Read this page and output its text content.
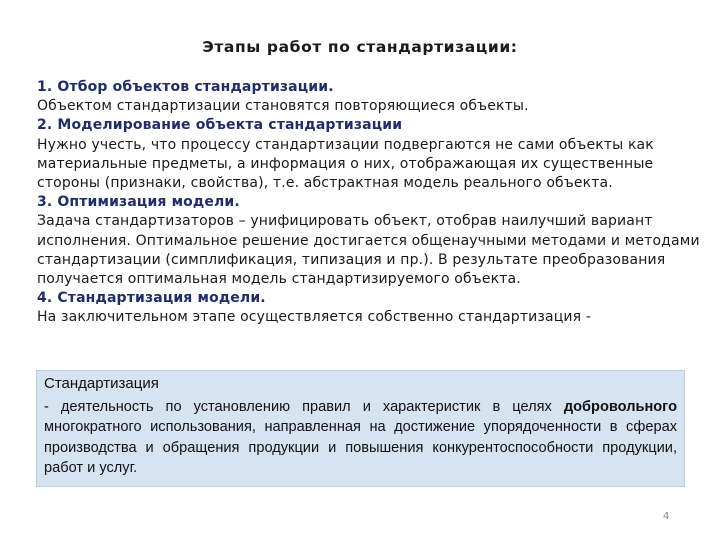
Этапы работ по стандартизации:
1. Отбор объектов стандартизации.
Объектом стандартизации становятся повторяющиеся объекты.
2. Моделирование объекта стандартизации
Нужно учесть, что процессу стандартизации подвергаются не сами объекты как материальные предметы, а информация о них, отображающая их существенные стороны (признаки, свойства), т.е. абстрактная модель реального объекта.
3. Оптимизация модели.
Задача стандартизаторов – унифицировать объект, отобрав наилучший вариант исполнения. Оптимальное решение достигается общенаучными методами и методами стандартизации (симплификация, типизация и пр.). В результате преобразования получается оптимальная модель стандартизируемого объекта.
4. Стандартизация модели.
На заключительном этапе осуществляется собственно стандартизация -
Стандартизация
- деятельность по установлению правил и характеристик в целях добровольного многократного использования, направленная на достижение упорядоченности в сферах производства и обращения продукции и повышения конкурентоспособности продукции, работ и услуг.
4
